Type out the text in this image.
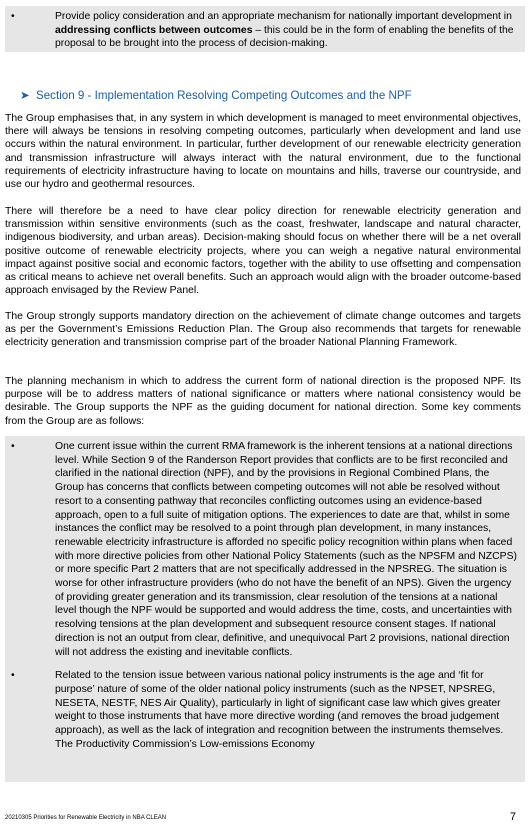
•	Provide policy consideration and an appropriate mechanism for nationally important development in addressing conflicts between outcomes – this could be in the form of enabling the benefits of the proposal to be brought into the process of decision-making.
➤ Section 9 - Implementation Resolving Competing Outcomes and the NPF

The Group emphasises that, in any system in which development is managed to meet environmental objectives, there will always be tensions in resolving competing outcomes, particularly when development and land use occurs within the natural environment. In particular, further development of our renewable electricity generation and transmission infrastructure will always interact with the natural environment, due to the functional requirements of electricity infrastructure having to locate on mountains and hills, traverse our countryside, and use our hydro and geothermal resources.

There will therefore be a need to have clear policy direction for renewable electricity generation and transmission within sensitive environments (such as the coast, freshwater, landscape and natural character, indigenous biodiversity, and urban areas). Decision-making should focus on whether there will be a net overall positive outcome of renewable electricity projects, where you can weigh a negative natural environmental impact against positive social and economic factors, together with the ability to use offsetting and compensation as critical means to achieve net overall benefits. Such an approach would align with the broader outcome-based approach envisaged by the Review Panel.

The Group strongly supports mandatory direction on the achievement of climate change outcomes and targets as per the Government’s Emissions Reduction Plan. The Group also recommends that targets for renewable electricity generation and transmission comprise part of the broader National Planning Framework.

The planning mechanism in which to address the current form of national direction is the proposed NPF. Its purpose will be to address matters of national significance or matters where national consistency would be desirable. The Group supports the NPF as the guiding document for national direction. Some key comments from the Group are as follows:

•	One current issue within the current RMA framework is the inherent tensions at a national directions level. While Section 9 of the Randerson Report provides that conflicts are to be first reconciled and clarified in the national direction (NPF), and by the provisions in Regional Combined Plans, the Group has concerns that conflicts between competing outcomes will not able be resolved without resort to a consenting pathway that reconciles conflicting outcomes using an evidence-based approach, open to a full suite of mitigation options. The experiences to date are that, whilst in some instances the conflict may be resolved to a point through plan development, in many instances, renewable electricity infrastructure is afforded no specific policy recognition within plans when faced with more directive policies from other National Policy Statements (such as the NPSFM and NZCPS) or more specific Part 2 matters that are not specifically addressed in the NPSREG. The situation is worse for other infrastructure providers (who do not have the benefit of an NPS). Given the urgency of providing greater generation and its transmission, clear resolution of the tensions at a national level though the NPF would be supported and would address the time, costs, and uncertainties with resolving tensions at the plan development and subsequent resource consent stages. If national direction is not an output from clear, definitive, and unequivocal Part 2 provisions, national direction will not address the existing and inevitable conflicts.
•	Related to the tension issue between various national policy instruments is the age and ‘fit for purpose’ nature of some of the older national policy instruments (such as the NPSET, NPSREG, NESETA, NESTF, NES Air Quality), particularly in light of significant case law which gives greater weight to those instruments that have more directive wording (and removes the broad judgement approach), as well as the lack of integration and recognition between the instruments themselves. The Productivity Commission’s Low-emissions Economy
20210305 Priorities for Renewable Electricity in NBA CLEAN	7
